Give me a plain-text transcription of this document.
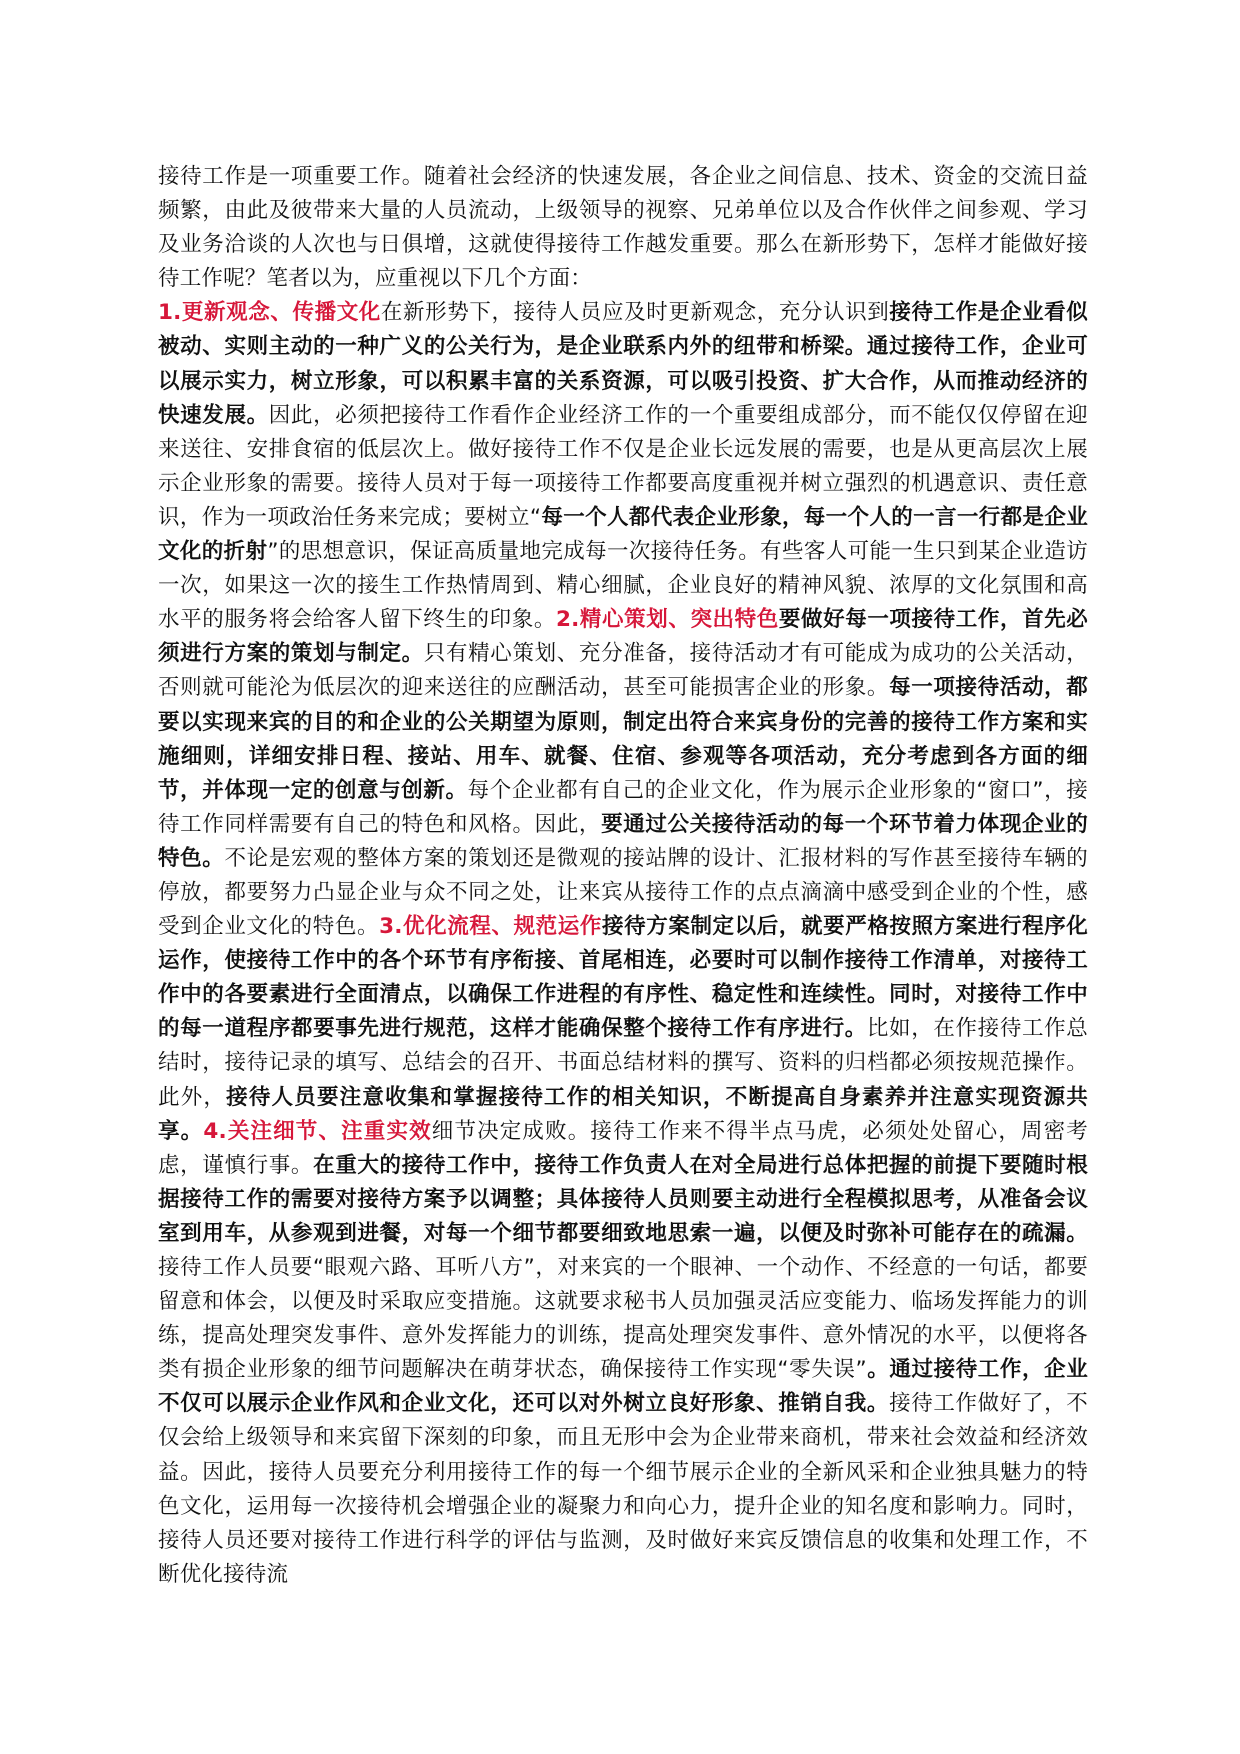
接待工作是一项重要工作。随着社会经济的快速发展，各企业之间信息、技术、资金的交流日益频繁，由此及彼带来大量的人员流动，上级领导的视察、兄弟单位以及合作伙伴之间参观、学习及业务洽谈的人次也与日俱增，这就使得接待工作越发重要。那么在新形势下，怎样才能做好接待工作呢？笔者以为，应重视以下几个方面：

1.更新观念、传播文化在新形势下，接待人员应及时更新观念，充分认识到接待工作是企业看似被动、实则主动的一种广义的公关行为，是企业联系内外的纽带和桥梁。通过接待工作，企业可以展示实力，树立形象，可以积累丰富的关系资源，可以吸引投资、扩大合作，从而推动经济的快速发展。因此，必须把接待工作看作企业经济工作的一个重要组成部分，而不能仅仅停留在迎来送往、安排食宿的低层次上。做好接待工作不仅是企业长远发展的需要，也是从更高层次上展示企业形象的需要。接待人员对于每一项接待工作都要高度重视并树立强烈的机遇意识、责任意识，作为一项政治任务来完成；要树立“每一个人都代表企业形象，每一个人的一言一行都是企业文化的折射”的思想意识，保证高质量地完成每一次接待任务。有些客人可能一生只到某企业造访一次，如果这一次的接生工作热情周到、精心细腻，企业良好的精神风貌、浓厚的文化氛围和高水平的服务将会给客人留下终生的印象。2.精心策划、突出特色要做好每一项接待工作，首先必须进行方案的策划与制定。只有精心策划、充分准备，接待活动才有可能成为成功的公关活动，否则就可能沦为低层次的迎来送往的应酬活动，甚至可能损害企业的形象。每一项接待活动，都要以实现来宾的目的和企业的公关期望为原则，制定出符合来宾身份的完善的接待工作方案和实施细则，详细安排日程、接站、用车、就餐、住宿、参观等各项活动，充分考虑到各方面的细节，并体现一定的创意与创新。每个企业都有自己的企业文化，作为展示企业形象的“窗口”，接待工作同样需要有自己的特色和风格。因此，要通过公关接待活动的每一个环节着力体现企业的特色。不论是宏观的整体方案的策划还是微观的接站牌的设计、汇报材料的写作甚至接待车辆的停放，都要努力凸显企业与众不同之处，让来宾从接待工作的点点滴滴中感受到企业的个性，感受到企业文化的特色。3.优化流程、规范运作接待方案制定以后，就要严格按照方案进行程序化运作，使接待工作中的各个环节有序衔接、首尾相连，必要时可以制作接待工作清单，对接待工作中的各要素进行全面清点，以确保工作进程的有序性、稳定性和连续性。同时，对接待工作中的每一道程序都要事先进行规范，这样才能确保整个接待工作有序进行。比如，在作接待工作总结时，接待记录的填写、总结会的召开、书面总结材料的撰写、资料的归档都必须按规范操作。此外，接待人员要注意收集和掌握接待工作的相关知识，不断提高自身素养并注意实现资源共享。4.关注细节、注重实效细节决定成败。接待工作来不得半点马虎，必须处处留心，周密考虑，谨慎行事。在重大的接待工作中，接待工作负责人在对全局进行总体把握的前提下要随时根据接待工作的需要对接待方案予以调整；具体接待人员则要主动进行全程模拟思考，从准备会议室到用车，从参观到进餐，对每一个细节都要细致地思索一遍，以便及时弥补可能存在的疏漏。接待工作人员要“眼观六路、耳听八方”，对来宾的一个眼神、一个动作、不经意的一句话，都要留意和体会，以便及时采取应变措施。这就要求秘书人员加强灵活应变能力、临场发挥能力的训练，提高处理突发事件、意外发挥能力的训练，提高处理突发事件、意外情况的水平，以便将各类有损企业形象的细节问题解决在萌芽状态，确保接待工作实现“零失误”。通过接待工作，企业不仅可以展示企业作风和企业文化，还可以对外树立良好形象、推销自我。接待工作做好了，不仅会给上级领导和来宾留下深刻的印象，而且无形中会为企业带来商机，带来社会效益和经济效益。因此，接待人员要充分利用接待工作的每一个细节展示企业的全新风采和企业独具魅力的特色文化，运用每一次接待机会增强企业的凝聚力和向心力，提升企业的知名度和影响力。同时，接待人员还要对接待工作进行科学的评估与监测，及时做好来宾反馈信息的收集和处理工作，不断优化接待流
